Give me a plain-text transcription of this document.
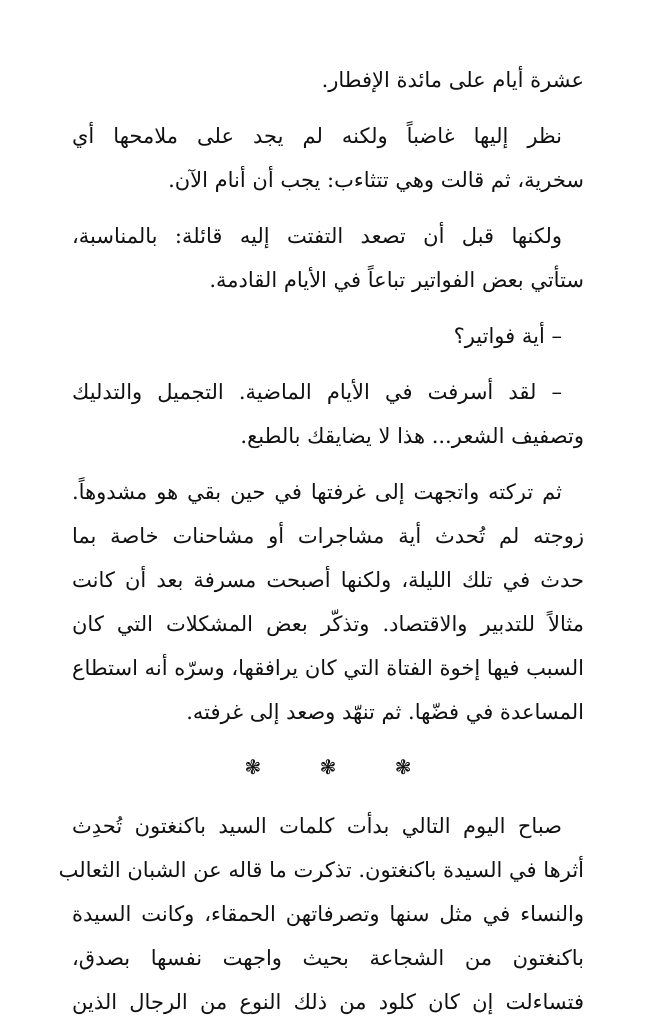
عشرة أيام على مائدة الإفطار.

نظر إليها غاضباً ولكنه لم يجد على ملامحها أي

سخرية، ثم قالت وهي تتثاءب: يجب أن أنام الآن.

ولكنها قبل أن تصعد التفتت إليه قائلة: بالمناسبة،

ستأتي بعض الفواتير تباعاً في الأيام القادمة.

– أية فواتير؟

– لقد أسرفت في الأيام الماضية. التجميل والتدليك

وتصفيف الشعر... هذا لا يضايقك بالطبع.

ثم تركته واتجهت إلى غرفتها في حين بقي هو مشدوهاً.

زوجته لم تُحدث أية مشاجرات أو مشاحنات خاصة بما
حدث في تلك الليلة، ولكنها أصبحت مسرفة بعد أن كانت
مثالاً للتدبير والاقتصاد. وتذكّر بعض المشكلات التي كان
السبب فيها إخوة الفتاة التي كان يرافقها، وسرّه أنه استطاع
المساعدة في فضّها. ثم تنهّد وصعد إلى غرفته.

❃ ❃ ❃

صباح اليوم التالي بدأت كلمات السيد باكنغتون تُحدِث

أثرها في السيدة باكنغتون. تذكرت ما قاله عن الشبان الثعالب
والنساء في مثل سنها وتصرفاتهن الحمقاء، وكانت السيدة
باكنغتون من الشجاعة بحيث واجهت نفسها بصدق،
فتساءلت إن كان كلود من ذلك النوع من الرجال الذين
